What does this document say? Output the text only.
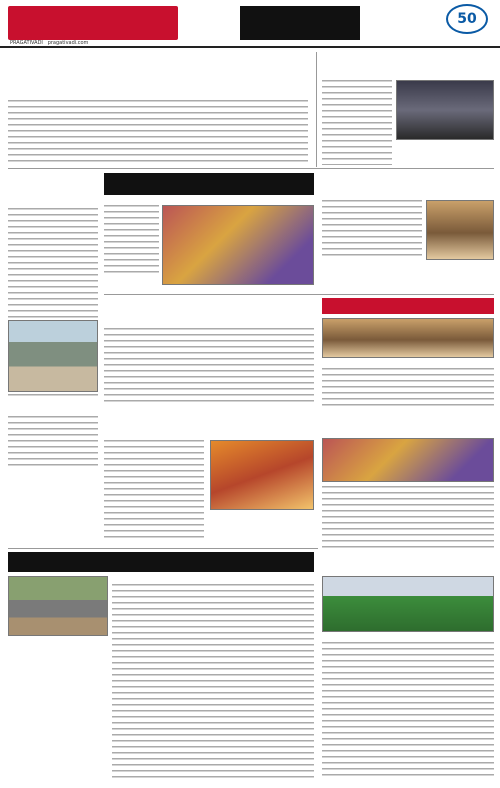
PRAGATIVADI pragativadi.com
50
